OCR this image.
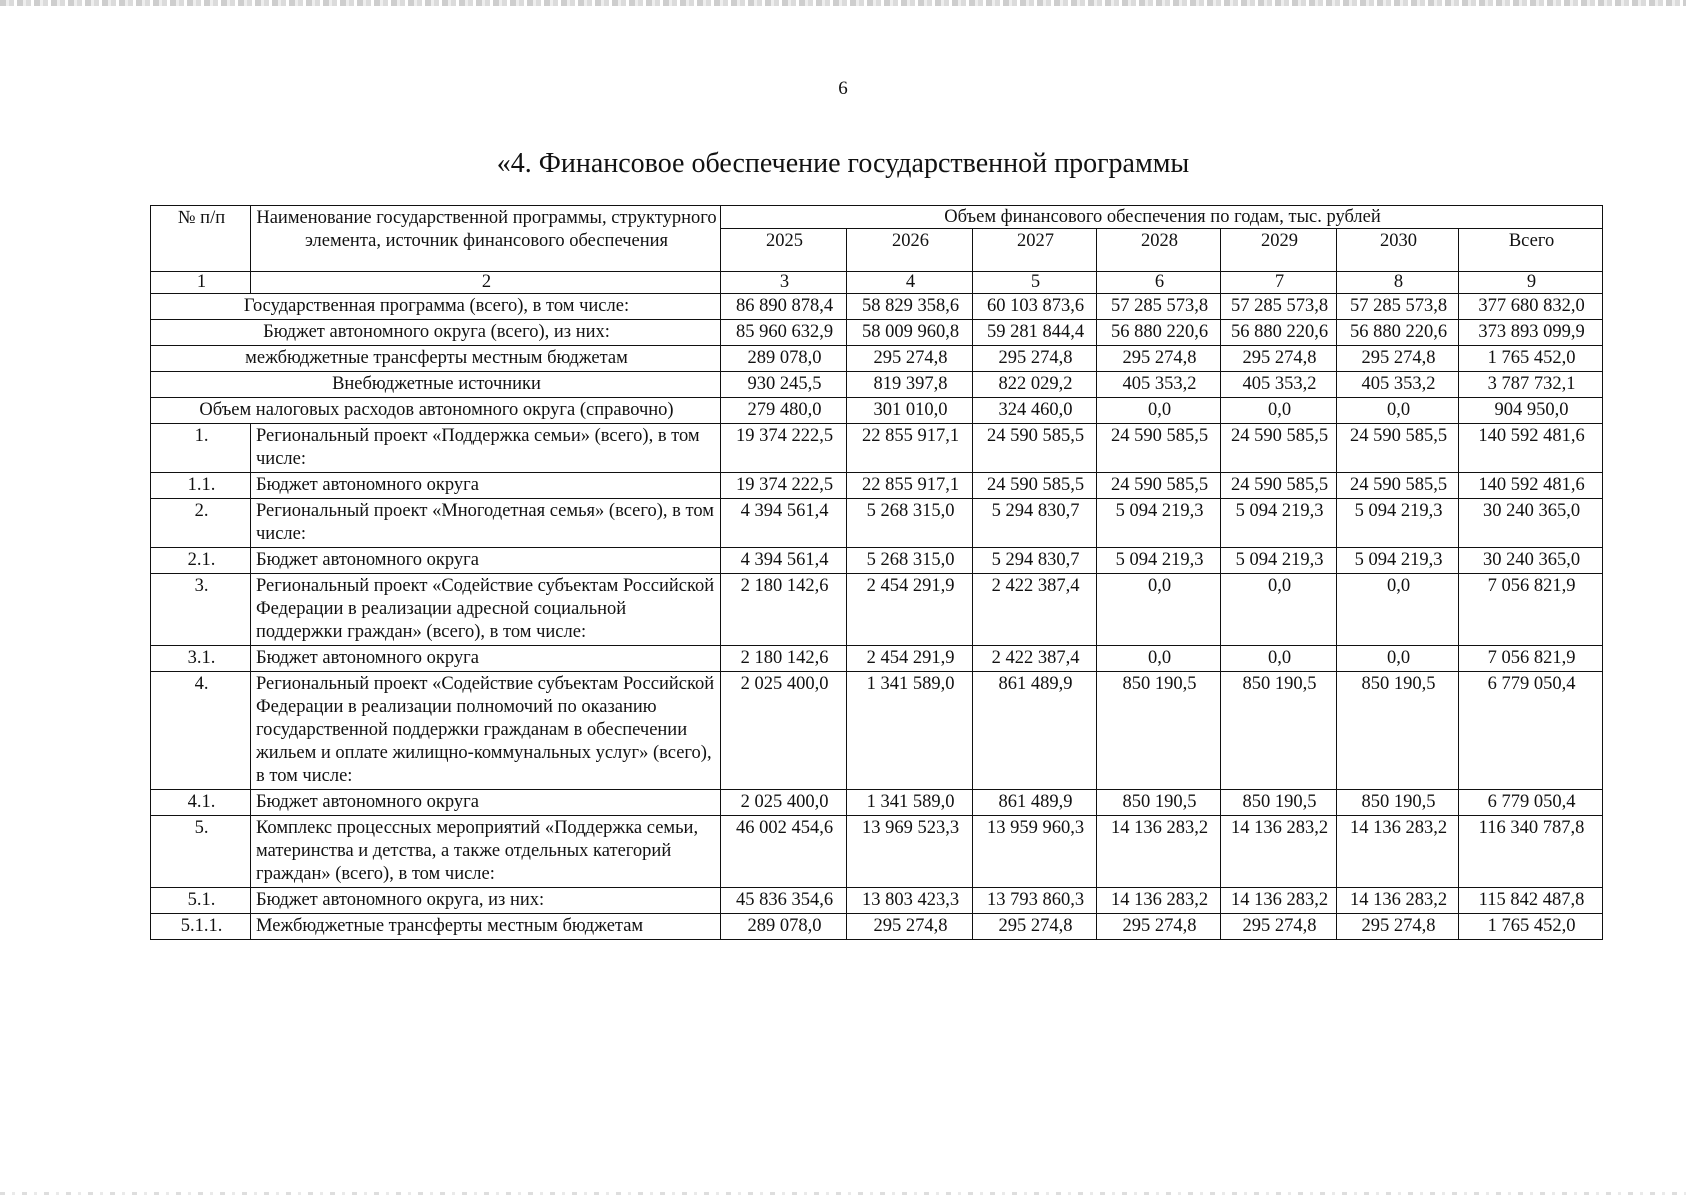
6
«4. Финансовое обеспечение государственной программы
№ п/п	Наименование государственной программы, структурного элемента, источник финансового обеспечения	Объем финансового обеспечения по годам, тыс. рублей						
		2025	2026	2027	2028	2029	2030	Всего
1	2	3	4	5	6	7	8	9
Государственная программа (всего), в том числе:		86 890 878,4	58 829 358,6	60 103 873,6	57 285 573,8	57 285 573,8	57 285 573,8	377 680 832,0
Бюджет автономного округа (всего), из них:		85 960 632,9	58 009 960,8	59 281 844,4	56 880 220,6	56 880 220,6	56 880 220,6	373 893 099,9
межбюджетные трансферты местным бюджетам		289 078,0	295 274,8	295 274,8	295 274,8	295 274,8	295 274,8	1 765 452,0
Внебюджетные источники		930 245,5	819 397,8	822 029,2	405 353,2	405 353,2	405 353,2	3 787 732,1
Объем налоговых расходов автономного округа (справочно)		279 480,0	301 010,0	324 460,0	0,0	0,0	0,0	904 950,0
1.	Региональный проект «Поддержка семьи» (всего), в том числе:	19 374 222,5	22 855 917,1	24 590 585,5	24 590 585,5	24 590 585,5	24 590 585,5	140 592 481,6
1.1.	Бюджет автономного округа	19 374 222,5	22 855 917,1	24 590 585,5	24 590 585,5	24 590 585,5	24 590 585,5	140 592 481,6
2.	Региональный проект «Многодетная семья» (всего), в том числе:	4 394 561,4	5 268 315,0	5 294 830,7	5 094 219,3	5 094 219,3	5 094 219,3	30 240 365,0
2.1.	Бюджет автономного округа	4 394 561,4	5 268 315,0	5 294 830,7	5 094 219,3	5 094 219,3	5 094 219,3	30 240 365,0
3.	Региональный проект «Содействие субъектам Российской Федерации в реализации адресной социальной поддержки граждан» (всего), в том числе:	2 180 142,6	2 454 291,9	2 422 387,4	0,0	0,0	0,0	7 056 821,9
3.1.	Бюджет автономного округа	2 180 142,6	2 454 291,9	2 422 387,4	0,0	0,0	0,0	7 056 821,9
4.	Региональный проект «Содействие субъектам Российской Федерации в реализации полномочий по оказанию государственной поддержки гражданам в обеспечении жильем и оплате жилищно-коммунальных услуг» (всего), в том числе:	2 025 400,0	1 341 589,0	861 489,9	850 190,5	850 190,5	850 190,5	6 779 050,4
4.1.	Бюджет автономного округа	2 025 400,0	1 341 589,0	861 489,9	850 190,5	850 190,5	850 190,5	6 779 050,4
5.	Комплекс процессных мероприятий «Поддержка семьи, материнства и детства, а также отдельных категорий граждан» (всего), в том числе:	46 002 454,6	13 969 523,3	13 959 960,3	14 136 283,2	14 136 283,2	14 136 283,2	116 340 787,8
5.1.	Бюджет автономного округа, из них:	45 836 354,6	13 803 423,3	13 793 860,3	14 136 283,2	14 136 283,2	14 136 283,2	115 842 487,8
5.1.1.	Межбюджетные трансферты местным бюджетам	289 078,0	295 274,8	295 274,8	295 274,8	295 274,8	295 274,8	1 765 452,0
